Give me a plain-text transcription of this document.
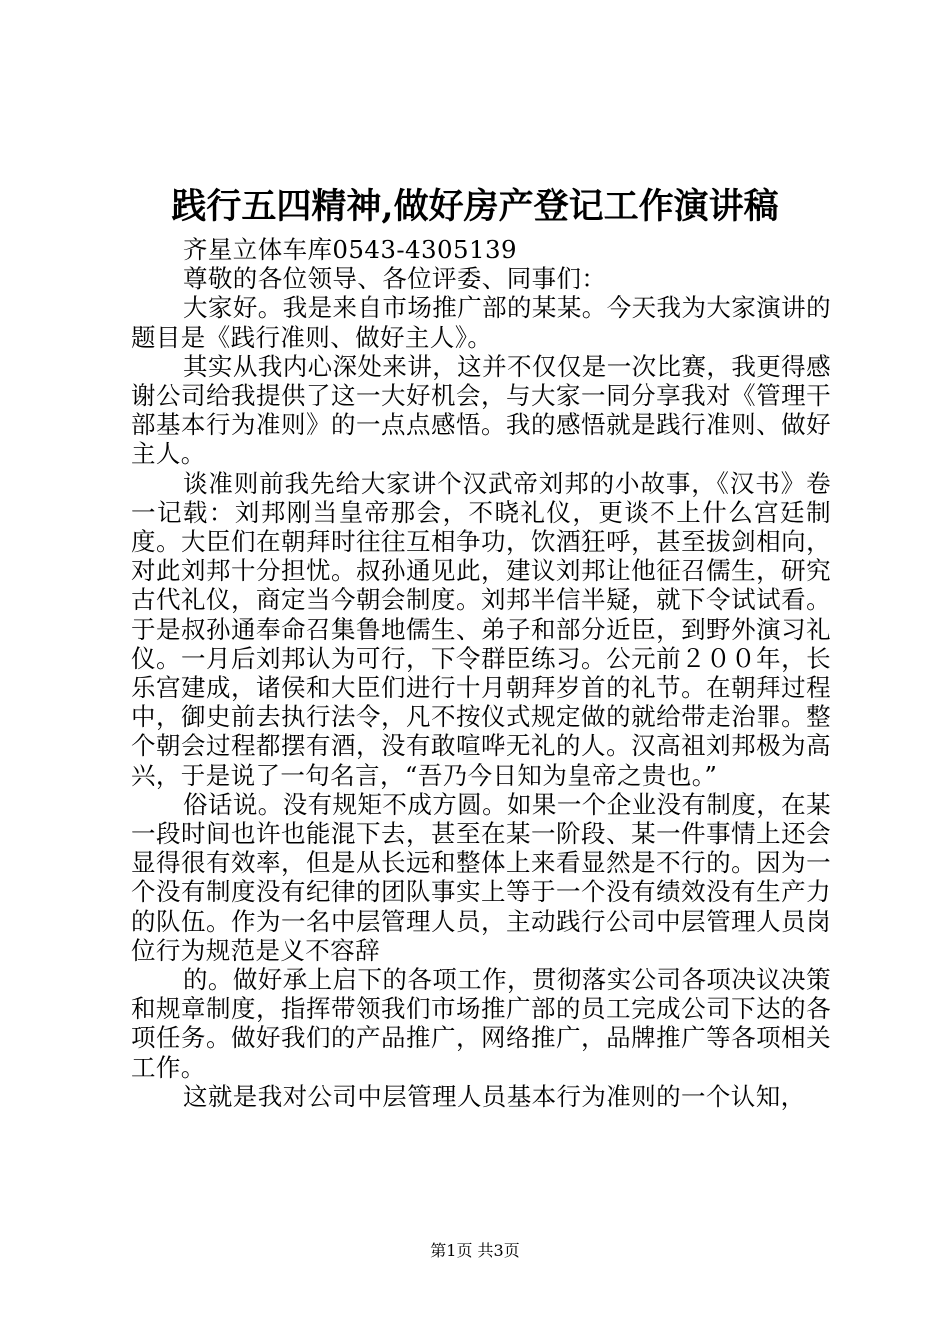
践行五四精神,做好房产登记工作演讲稿

齐星立体车库0543-4305139

尊敬的各位领导、各位评委、同事们：

大家好。我是来自市场推广部的某某。今天我为大家演讲的题目是《践行准则、做好主人》。

其实从我内心深处来讲，这并不仅仅是一次比赛，我更得感谢公司给我提供了这一大好机会，与大家一同分享我对《管理干部基本行为准则》的一点点感悟。我的感悟就是践行准则、做好主人。

谈准则前我先给大家讲个汉武帝刘邦的小故事，《汉书》卷一记载：刘邦刚当皇帝那会，不晓礼仪，更谈不上什么宫廷制度。大臣们在朝拜时往往互相争功，饮酒狂呼，甚至拔剑相向，对此刘邦十分担忧。叔孙通见此，建议刘邦让他征召儒生，研究古代礼仪，商定当今朝会制度。刘邦半信半疑，就下令试试看。于是叔孙通奉命召集鲁地儒生、弟子和部分近臣，到野外演习礼仪。一月后刘邦认为可行，下令群臣练习。公元前２００年，长乐宫建成，诸侯和大臣们进行十月朝拜岁首的礼节。在朝拜过程中，御史前去执行法令，凡不按仪式规定做的就给带走治罪。整个朝会过程都摆有酒，没有敢喧哗无礼的人。汉高祖刘邦极为高兴，于是说了一句名言，“吾乃今日知为皇帝之贵也。”

俗话说。没有规矩不成方圆。如果一个企业没有制度，在某一段时间也许也能混下去，甚至在某一阶段、某一件事情上还会显得很有效率，但是从长远和整体上来看显然是不行的。因为一个没有制度没有纪律的团队事实上等于一个没有绩效没有生产力的队伍。作为一名中层管理人员，主动践行公司中层管理人员岗位行为规范是义不容辞

的。做好承上启下的各项工作，贯彻落实公司各项决议决策和规章制度，指挥带领我们市场推广部的员工完成公司下达的各项任务。做好我们的产品推广，网络推广，品牌推广等各项相关工作。

这就是我对公司中层管理人员基本行为准则的一个认知，

第1页 共3页
